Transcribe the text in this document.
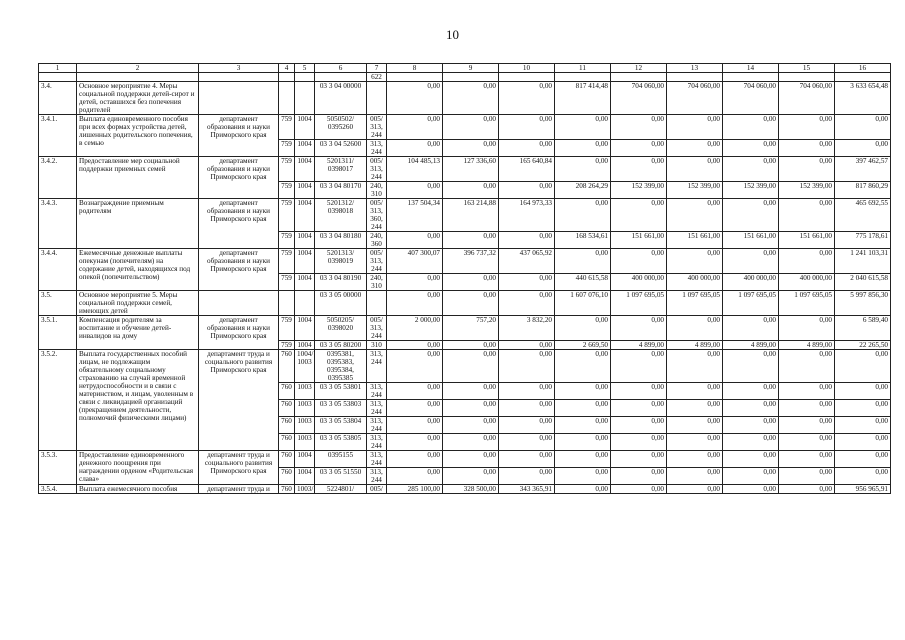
10
1	2	3	4	5	6	7	8	9	10	11	12	13	14	15	16
						622									
3.4.	Основное мероприятие 4. Меры социальной поддержки детей-сирот и детей, оставшихся без попечения родителей				03 3 04 00000		0,00	0,00	0,00	817 414,48	704 060,00	704 060,00	704 060,00	704 060,00	3 633 654,48
3.4.1.	Выплата единовременного пособия при всех формах устройства детей, лишенных родительского попечения, в семью	департамент образования и науки Приморского края	759	1004	5050502/ 0395260	005/ 313, 244	0,00	0,00	0,00	0,00	0,00	0,00	0,00	0,00	0,00
			759	1004	03 3 04 52600	313, 244	0,00	0,00	0,00	0,00	0,00	0,00	0,00	0,00	0,00
3.4.2.	Предоставление мер социальной поддержки приемных семей	департамент образования и науки Приморского края	759	1004	5201311/ 0398017	005/ 313, 244	104 485,13	127 336,60	165 640,84	0,00	0,00	0,00	0,00	0,00	397 462,57
			759	1004	03 3 04 80170	240, 310	0,00	0,00	0,00	208 264,29	152 399,00	152 399,00	152 399,00	152 399,00	817 860,29
3.4.3.	Вознаграждение приемным родителям	департамент образования и науки Приморского края	759	1004	5201312/ 0398018	005/ 313, 360, 244	137 504,34	163 214,88	164 973,33	0,00	0,00	0,00	0,00	0,00	465 692,55
			759	1004	03 3 04 80180	240, 360	0,00	0,00	0,00	168 534,61	151 661,00	151 661,00	151 661,00	151 661,00	775 178,61
3.4.4.	Ежемесячные денежные выплаты опекунам (попечителям) на содержание детей, находящихся под опекой (попечительством)	департамент образования и науки Приморского края	759	1004	5201313/ 0398019	005/ 313, 244	407 300,07	396 737,32	437 065,92	0,00	0,00	0,00	0,00	0,00	1 241 103,31
			759	1004	03 3 04 80190	240, 310	0,00	0,00	0,00	440 615,58	400 000,00	400 000,00	400 000,00	400 000,00	2 040 615,58
3.5.	Основное мероприятие 5. Меры социальной поддержки семей, имеющих детей				03 3 05 00000		0,00	0,00	0,00	1 607 076,10	1 097 695,05	1 097 695,05	1 097 695,05	1 097 695,05	5 997 856,30
3.5.1.	Компенсация родителям за воспитание и обучение детей-инвалидов на дому	департамент образования и науки Приморского края	759	1004	5050205/ 0398020	005/ 313, 244	2 000,00	757,20	3 832,20	0,00	0,00	0,00	0,00	0,00	6 589,40
			759	1004	03 3 05 80200	310	0,00	0,00	0,00	2 669,50	4 899,00	4 899,00	4 899,00	4 899,00	22 265,50
3.5.2.	Выплата государственных пособий лицам, не подлежащим обязательному социальному страхованию на случай временной нетрудоспособности и в связи с материнством, и лицам, уволенным в связи с ликвидацией организаций (прекращением деятельности, полномочий физическими лицами)	департамент труда и социального развития Приморского края	760	1004/ 1003	0395381, 0395383, 0395384, 0395385	313, 244	0,00	0,00	0,00	0,00	0,00	0,00	0,00	0,00	0,00
			760	1003	03 3 05 53801	313, 244	0,00	0,00	0,00	0,00	0,00	0,00	0,00	0,00	0,00
			760	1003	03 3 05 53803	313, 244	0,00	0,00	0,00	0,00	0,00	0,00	0,00	0,00	0,00
			760	1003	03 3 05 53804	313, 244	0,00	0,00	0,00	0,00	0,00	0,00	0,00	0,00	0,00
			760	1003	03 3 05 53805	313, 244	0,00	0,00	0,00	0,00	0,00	0,00	0,00	0,00	0,00
3.5.3.	Предоставление единовременного денежного поощрения при награждении орденом «Родительская слава»	департамент труда и социального развития Приморского края	760	1004	0395155	313, 244	0,00	0,00	0,00	0,00	0,00	0,00	0,00	0,00	0,00
			760	1004	03 3 05 51550	313, 244	0,00	0,00	0,00	0,00	0,00	0,00	0,00	0,00	0,00
3.5.4.	Выплата ежемесячного пособия	департамент труда и	760	1003/	5224801/	005/	285 100,00	328 500,00	343 365,91	0,00	0,00	0,00	0,00	0,00	956 965,91
